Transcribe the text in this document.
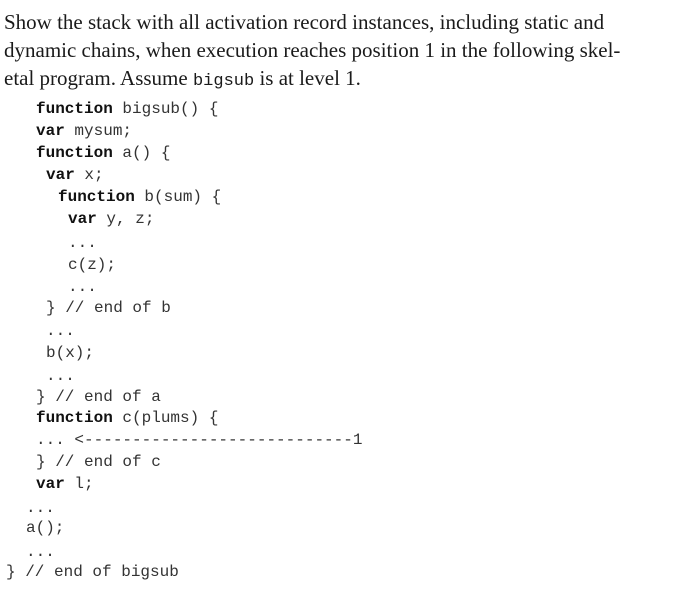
Show the stack with all activation record instances, including static and
dynamic chains, when execution reaches position 1 in the following skel-
etal program. Assume bigsub is at level 1.
function bigsub() {
var mysum;
function a() {
var x;
function b(sum) {
var y, z;
...
c(z);
...
} // end of b
...
b(x);
...
} // end of a
function c(plums) {
... <----------------------------1
} // end of c
var l;
...
a();
...
} // end of bigsub
